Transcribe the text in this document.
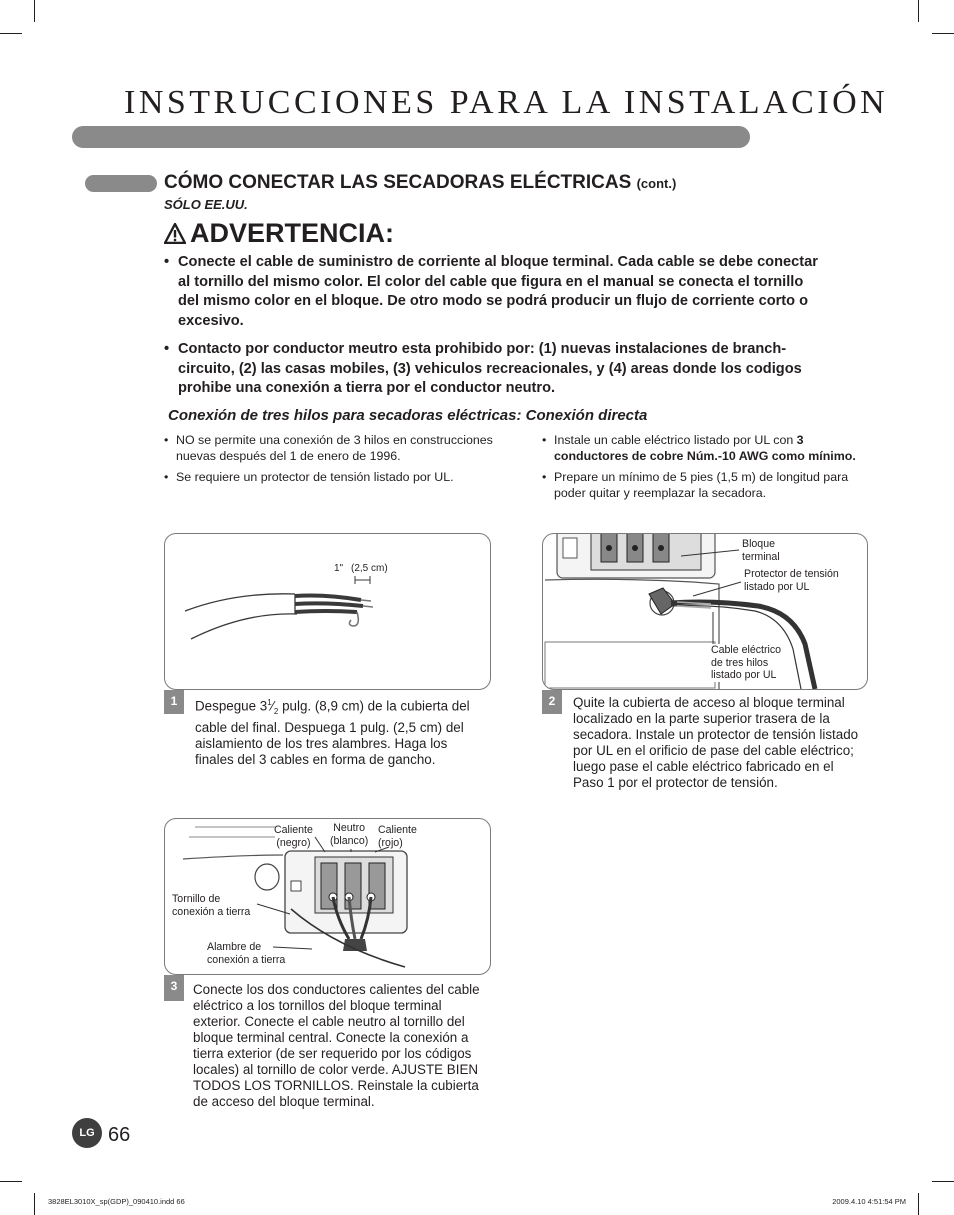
INSTRUCCIONES PARA LA INSTALACIÓN
CÓMO CONECTAR LAS SECADORAS ELÉCTRICAS (cont.)
SÓLO EE.UU.
ADVERTENCIA:
• Conecte el cable de suministro de corriente al bloque terminal. Cada cable se debe conectar al tornillo del mismo color. El color del cable que figura en el manual se conecta el tornillo del mismo color en el bloque. De otro modo se podrá producir un flujo de corriente corto o excesivo.
• Contacto por conductor meutro esta prohibido por: (1) nuevas instalaciones de branch-circuito, (2) las casas mobiles, (3) vehiculos recreacionales, y (4) areas donde los codigos prohibe una conexión a tierra por el conductor neutro.
Conexión de tres hilos para secadoras eléctricas: Conexión directa
• NO se permite una conexión de 3 hilos en construcciones nuevas después del 1 de enero de 1996.
• Se requiere un protector de tensión listado por UL.
• Instale un cable eléctrico listado por UL con 3 conductores de cobre Núm.-10 AWG como mínimo.
• Prepare un mínimo de 5 pies (1,5 m) de longitud para poder quitar y reemplazar la secadora.
1" (2,5 cm)
1	Despegue $3^1⁄_2$ pulg. (8,9 cm) de la cubierta del cable del final. Despuega 1 pulg. (2,5 cm) del aislamiento de los tres alambres. Haga los finales del 3 cables en forma de gancho.
Bloque
terminal
Protector de tensión
listado por UL
Cable eléctrico
de tres hilos
listado por UL
2	Quite la cubierta de acceso al bloque terminal localizado en la parte superior trasera de la secadora. Instale un protector de tensión listado por UL en el orificio de pase del cable eléctrico; luego pase el cable eléctrico fabricado en el Paso 1 por el protector de tensión.
Caliente
(negro)
Neutro
(blanco)
Caliente
(rojo)
Tornillo de
conexión a tierra
Alambre de
conexión a tierra
3	Conecte los dos conductores calientes del cable eléctrico a los tornillos del bloque terminal exterior. Conecte el cable neutro al tornillo del bloque terminal central. Conecte la conexión a tierra exterior (de ser requerido por los códigos locales) al tornillo de color verde. AJUSTE BIEN TODOS LOS TORNILLOS. Reinstale la cubierta de acceso del bloque terminal.
LG 66
3828EL3010X_sp(GDP)_090410.indd 66	2009.4.10 4:51:54 PM
